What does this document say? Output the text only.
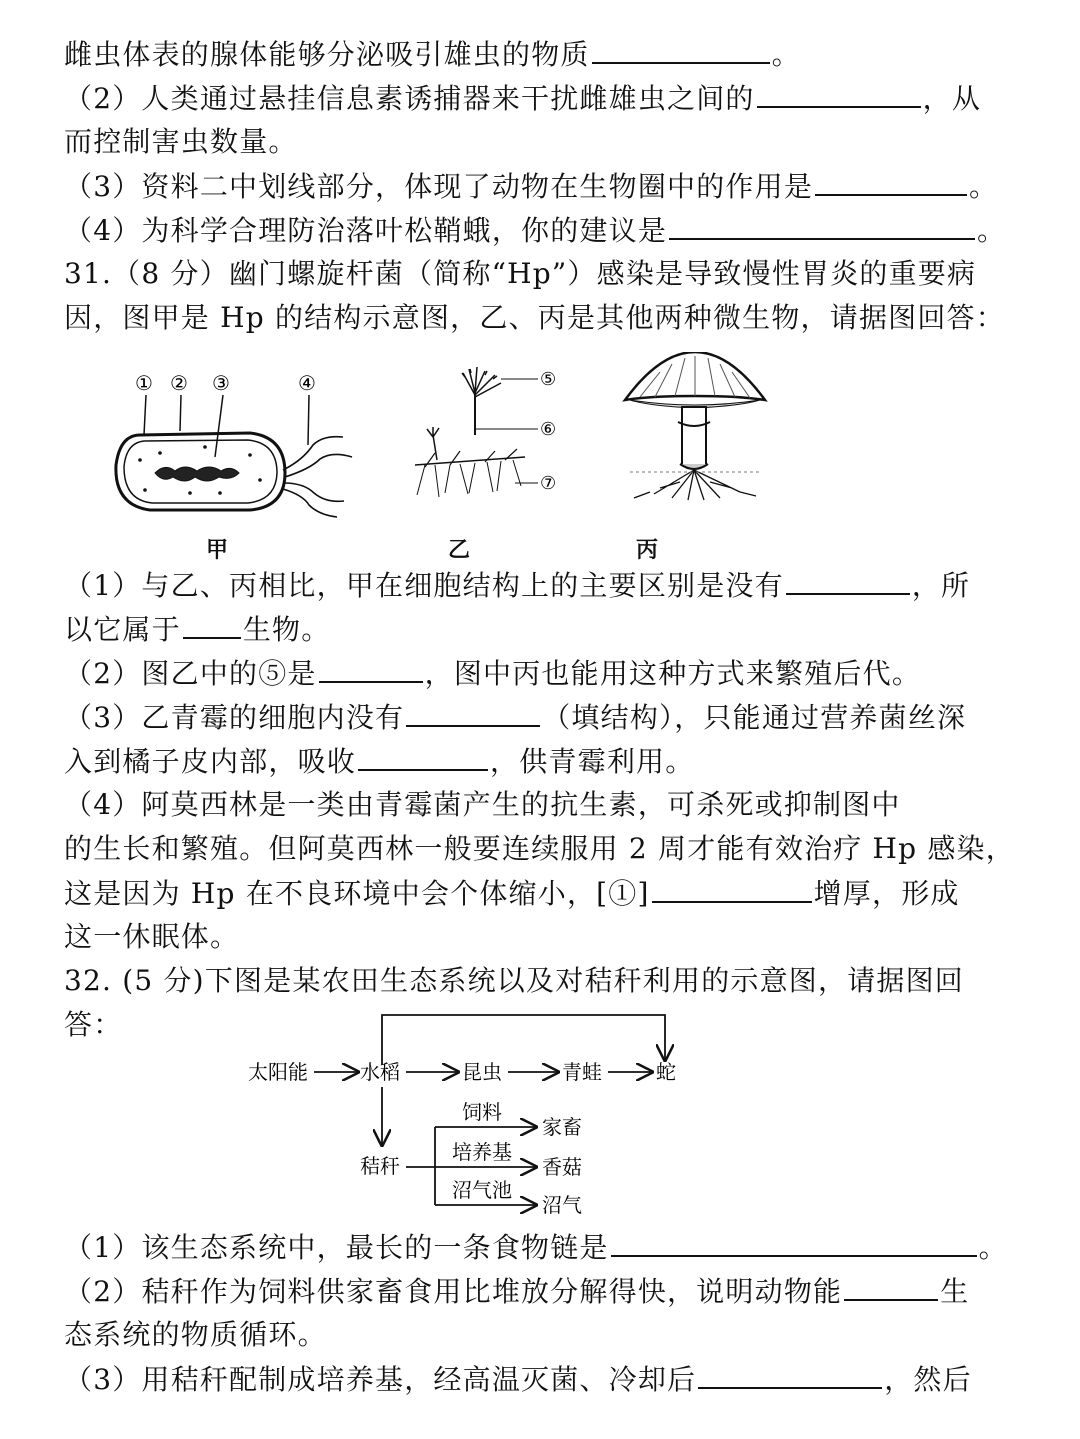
雌虫体表的腺体能够分泌吸引雄虫的物质	。
（2）人类通过悬挂信息素诱捕器来干扰雌雄虫之间的	，从
而控制害虫数量。
（3）资料二中划线部分，体现了动物在生物圈中的作用是	。
（4）为科学合理防治落叶松鞘蛾，你的建议是	。
31.（8 分）幽门螺旋杆菌（简称“Hp”）感染是导致慢性胃炎的重要病
因，图甲是 Hp 的结构示意图，乙、丙是其他两种微生物，请据图回答：
① ② ③	④	⑤
⑥
⑦
甲	乙	丙
（1）与乙、丙相比，甲在细胞结构上的主要区别是没有	，所
以它属于 生物。
（2）图乙中的⑤是	，图中丙也能用这种方式来繁殖后代。
（3）乙青霉的细胞内没有	（填结构），只能通过营养菌丝深
入到橘子皮内部，吸收	，供青霉利用。
（4）阿莫西林是一类由青霉菌产生的抗生素，可杀死或抑制图中
的生长和繁殖。但阿莫西林一般要连续服用 2 周才能有效治疗 Hp 感染，
这是因为 Hp 在不良环境中会个体缩小，[①]	增厚，形成
这一休眠体。
32. (5 分)下图是某农田生态系统以及对秸秆利用的示意图，请据图回
答：
太阳能	水稻	昆虫	青蛙	蛇
秸秆
饲料
培养基
沼气池
家畜
香菇
沼气
（1）该生态系统中，最长的一条食物链是	。
（2）秸秆作为饲料供家畜食用比堆放分解得快，说明动物能	生
态系统的物质循环。
（3）用秸秆配制成培养基，经高温灭菌、冷却后	，然后
